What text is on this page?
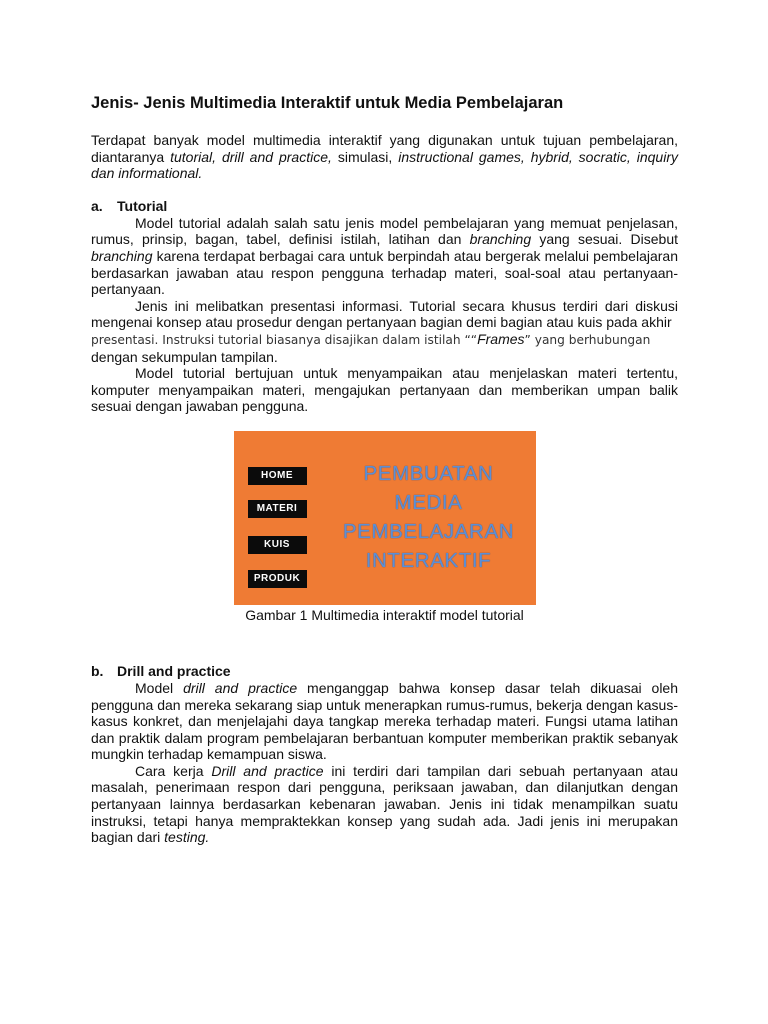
Jenis- Jenis Multimedia Interaktif untuk Media Pembelajaran

Terdapat banyak model multimedia interaktif yang digunakan untuk tujuan pembelajaran, diantaranya tutorial, drill and practice, simulasi, instructional games, hybrid, socratic, inquiry dan informational.

a. Tutorial

Model tutorial adalah salah satu jenis model pembelajaran yang memuat penjelasan, rumus, prinsip, bagan, tabel, definisi istilah, latihan dan branching yang sesuai. Disebut branching karena terdapat berbagai cara untuk berpindah atau bergerak melalui pembelajaran berdasarkan jawaban atau respon pengguna terhadap materi, soal-soal atau pertanyaan-pertanyaan.

Jenis ini melibatkan presentasi informasi. Tutorial secara khusus terdiri dari diskusi mengenai konsep atau prosedur dengan pertanyaan bagian demi bagian atau kuis pada akhir

presentasi. Instruksi tutorial biasanya disajikan dalam istilah ““Frames” yang berhubungan

dengan sekumpulan tampilan.

Model tutorial bertujuan untuk menyampaikan atau menjelaskan materi tertentu, komputer menyampaikan materi, mengajukan pertanyaan dan memberikan umpan balik sesuai dengan jawaban pengguna.

HOME
MATERI
KUIS
PRODUK
PEMBUATAN
MEDIA
PEMBELAJARAN
INTERAKTIF
Gambar 1 Multimedia interaktif model tutorial
b. Drill and practice

Model drill and practice menganggap bahwa konsep dasar telah dikuasai oleh pengguna dan mereka sekarang siap untuk menerapkan rumus-rumus, bekerja dengan kasus-kasus konkret, dan menjelajahi daya tangkap mereka terhadap materi. Fungsi utama latihan dan praktik dalam program pembelajaran berbantuan komputer memberikan praktik sebanyak mungkin terhadap kemampuan siswa.

Cara kerja Drill and practice ini terdiri dari tampilan dari sebuah pertanyaan atau masalah, penerimaan respon dari pengguna, periksaan jawaban, dan dilanjutkan dengan pertanyaan lainnya berdasarkan kebenaran jawaban. Jenis ini tidak menampilkan suatu instruksi, tetapi hanya mempraktekkan konsep yang sudah ada. Jadi jenis ini merupakan bagian dari testing.
